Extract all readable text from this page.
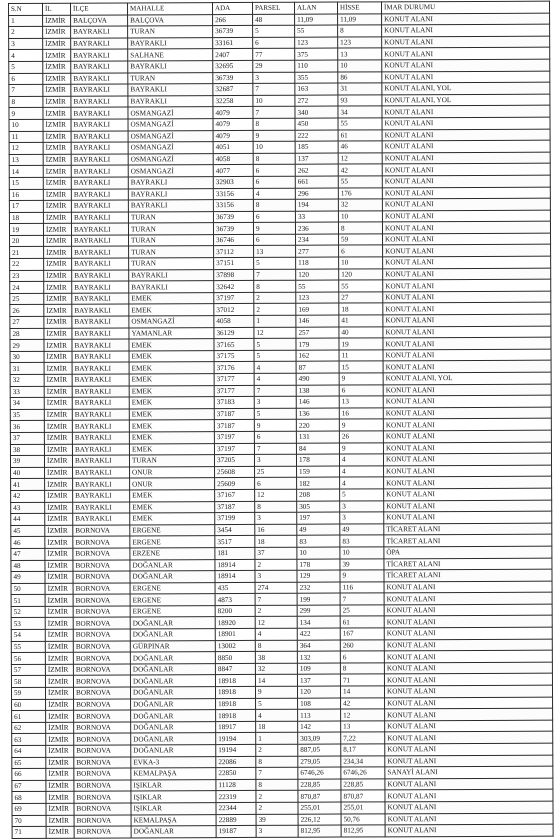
S.N	İL	İLÇE	MAHALLE	ADA	PARSEL	ALAN	HİSSE	İMAR DURUMU
1	İZMİR	BALÇOVA	BALÇOVA	266	48	11,09	11,09	KONUT ALANI
2	İZMİR	BAYRAKLI	TURAN	36739	5	55	8	KONUT ALANI
3	İZMİR	BAYRAKLI	BAYRAKLI	33161	6	123	123	KONUT ALANI
4	İZMİR	BAYRAKLI	SALHANE	2407	77	375	13	KONUT ALANI
5	İZMİR	BAYRAKLI	BAYRAKLI	32695	29	110	10	KONUT ALANI
6	İZMİR	BAYRAKLI	TURAN	36739	3	355	86	KONUT ALANI
7	İZMİR	BAYRAKLI	BAYRAKLI	32687	7	163	31	KONUT ALANI, YOL
8	İZMİR	BAYRAKLI	BAYRAKLI	32258	10	272	93	KONUT ALANI, YOL
9	İZMİR	BAYRAKLI	OSMANGAZİ	4079	7	340	34	KONUT ALANI
10	İZMİR	BAYRAKLI	OSMANGAZİ	4079	8	450	55	KONUT ALANI
11	İZMİR	BAYRAKLI	OSMANGAZİ	4079	9	222	61	KONUT ALANI
12	İZMİR	BAYRAKLI	OSMANGAZİ	4051	10	185	46	KONUT ALANI
13	İZMİR	BAYRAKLI	OSMANGAZİ	4058	8	137	12	KONUT ALANI
14	İZMİR	BAYRAKLI	OSMANGAZİ	4077	6	262	42	KONUT ALANI
15	İZMİR	BAYRAKLI	BAYRAKLI	32903	6	661	55	KONUT ALANI
16	İZMİR	BAYRAKLI	BAYRAKLI	33156	4	296	176	KONUT ALANI
17	İZMİR	BAYRAKLI	BAYRAKLI	33156	8	194	32	KONUT ALANI
18	İZMİR	BAYRAKLI	TURAN	36739	6	33	10	KONUT ALANI
19	İZMİR	BAYRAKLI	TURAN	36739	9	236	8	KONUT ALANI
20	İZMİR	BAYRAKLI	TURAN	36746	6	234	59	KONUT ALANI
21	İZMİR	BAYRAKLI	TURAN	37112	13	277	6	KONUT ALANI
22	İZMİR	BAYRAKLI	TURAN	37151	5	118	10	KONUT ALANI
23	İZMİR	BAYRAKLI	BAYRAKLI	37898	7	120	120	KONUT ALANI
24	İZMİR	BAYRAKLI	BAYRAKLI	32642	8	55	55	KONUT ALANI
25	İZMİR	BAYRAKLI	EMEK	37197	2	123	27	KONUT ALANI
26	İZMİR	BAYRAKLI	EMEK	37012	2	169	18	KONUT ALANI
27	İZMİR	BAYRAKLI	OSMANGAZİ	4058	1	146	41	KONUT ALANI
28	İZMİR	BAYRAKLI	YAMANLAR	36129	12	257	40	KONUT ALANI
29	İZMİR	BAYRAKLI	EMEK	37165	5	179	19	KONUT ALANI
30	İZMİR	BAYRAKLI	EMEK	37175	5	162	11	KONUT ALANI
31	İZMİR	BAYRAKLI	EMEK	37176	4	87	15	KONUT ALANI
32	İZMİR	BAYRAKLI	EMEK	37177	4	490	9	KONUT ALANI, YOL
33	İZMİR	BAYRAKLI	EMEK	37177	7	138	6	KONUT ALANI
34	İZMİR	BAYRAKLI	EMEK	37183	3	146	13	KONUT ALANI
35	İZMİR	BAYRAKLI	EMEK	37187	5	136	16	KONUT ALANI
36	İZMİR	BAYRAKLI	EMEK	37187	9	220	9	KONUT ALANI
37	İZMİR	BAYRAKLI	EMEK	37197	6	131	26	KONUT ALANI
38	İZMİR	BAYRAKLI	EMEK	37197	7	84	9	KONUT ALANI
39	İZMİR	BAYRAKLI	TURAN	37205	3	178	4	KONUT ALANI
40	İZMİR	BAYRAKLI	ONUR	25608	25	159	4	KONUT ALANI
41	İZMİR	BAYRAKLI	ONUR	25609	6	182	4	KONUT ALANI
42	İZMİR	BAYRAKLI	EMEK	37167	12	208	5	KONUT ALANI
43	İZMİR	BAYRAKLI	EMEK	37187	8	305	3	KONUT ALANI
44	İZMİR	BAYRAKLI	EMEK	37199	3	197	3	KONUT ALANI
45	İZMİR	BORNOVA	ERGENE	3454	16	49	49	TİCARET ALANI
46	İZMİR	BORNOVA	ERGENE	3517	18	83	83	TİCARET ALANI
47	İZMİR	BORNOVA	ERZENE	181	37	10	10	ÖPA
48	İZMİR	BORNOVA	DOĞANLAR	18914	2	178	39	TİCARET ALANI
49	İZMİR	BORNOVA	DOĞANLAR	18914	3	129	9	TİCARET ALANI
50	İZMİR	BORNOVA	ERGENE	435	274	232	116	KONUT ALANI
51	İZMİR	BORNOVA	ERGENE	4873	7	199	7	KONUT ALANI
52	İZMİR	BORNOVA	ERGENE	8200	2	299	25	KONUT ALANI
53	İZMİR	BORNOVA	DOĞANLAR	18920	12	134	61	KONUT ALANI
54	İZMİR	BORNOVA	DOĞANLAR	18901	4	422	167	KONUT ALANI
55	İZMİR	BORNOVA	GÜRPINAR	13002	8	364	260	KONUT ALANI
56	İZMİR	BORNOVA	DOĞANLAR	8850	38	132	6	KONUT ALANI
57	İZMİR	BORNOVA	DOĞANLAR	8847	32	109	8	KONUT ALANI
58	İZMİR	BORNOVA	DOĞANLAR	18918	14	137	71	KONUT ALANI
59	İZMİR	BORNOVA	DOĞANLAR	18918	9	120	14	KONUT ALANI
60	İZMİR	BORNOVA	DOĞANLAR	18918	5	108	42	KONUT ALANI
61	İZMİR	BORNOVA	DOĞANLAR	18918	4	113	12	KONUT ALANI
62	İZMİR	BORNOVA	DOĞANLAR	18917	18	142	13	KONUT ALANI
63	İZMİR	BORNOVA	DOĞANLAR	19194	1	303,09	7,22	KONUT ALANI
64	İZMİR	BORNOVA	DOĞANLAR	19194	2	887,05	8,17	KONUT ALANI
65	İZMİR	BORNOVA	EVKA-3	22086	8	279,05	234,34	KONUT ALANI
66	İZMİR	BORNOVA	KEMALPAŞA	22850	7	6746,26	6746,26	SANAYİ ALANI
67	İZMİR	BORNOVA	IŞIKLAR	11128	8	228,85	228,85	KONUT ALANI
68	İZMİR	BORNOVA	IŞIKLAR	22319	2	870,87	870,87	KONUT ALANI
69	İZMİR	BORNOVA	IŞIKLAR	22344	2	255,01	255,01	KONUT ALANI
70	İZMİR	BORNOVA	KEMALPAŞA	22889	39	226,12	50,76	KONUT ALANI
71	İZMİR	BORNOVA	DOĞANLAR	19187	3	812,95	812,95	KONUT ALANI
